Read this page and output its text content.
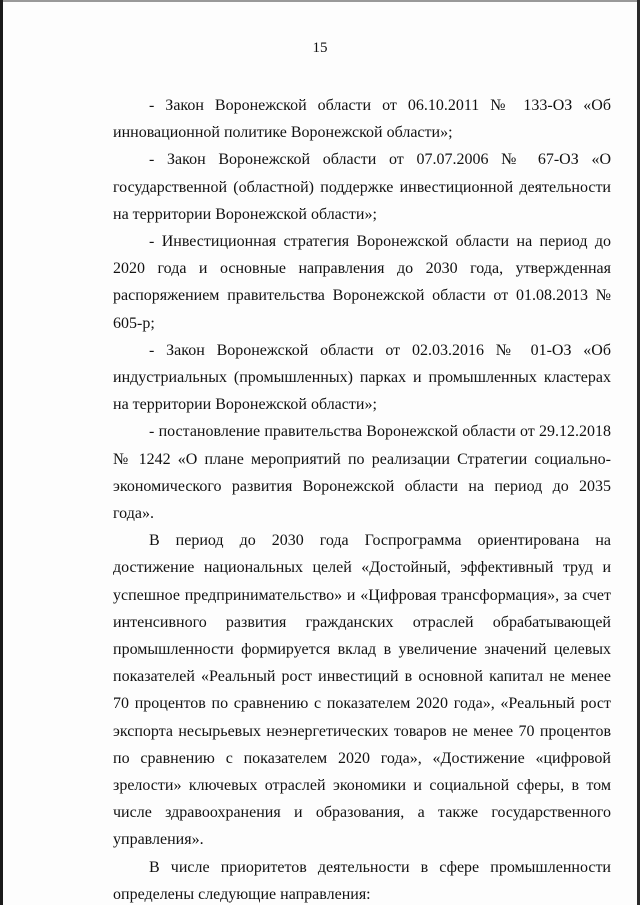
15

- Закон Воронежской области от 06.10.2011 № 133-ОЗ «Об инновационной политике Воронежской области»;

- Закон Воронежской области от 07.07.2006 № 67-ОЗ «О государственной (областной) поддержке инвестиционной деятельности на территории Воронежской области»;

- Инвестиционная стратегия Воронежской области на период до 2020 года и основные направления до 2030 года, утвержденная распоряжением правительства Воронежской области от 01.08.2013 № 605-р;

- Закон Воронежской области от 02.03.2016 № 01-ОЗ «Об индустриальных (промышленных) парках и промышленных кластерах на территории Воронежской области»;

- постановление правительства Воронежской области от 29.12.2018 № 1242 «О плане мероприятий по реализации Стратегии социально-экономического развития Воронежской области на период до 2035 года».

В период до 2030 года Госпрограмма ориентирована на достижение национальных целей «Достойный, эффективный труд и успешное предпринимательство» и «Цифровая трансформация», за счет интенсивного развития гражданских отраслей обрабатывающей промышленности формируется вклад в увеличение значений целевых показателей «Реальный рост инвестиций в основной капитал не менее 70 процентов по сравнению с показателем 2020 года», «Реальный рост экспорта несырьевых неэнергетических товаров не менее 70 процентов по сравнению с показателем 2020 года», «Достижение «цифровой зрелости» ключевых отраслей экономики и социальной сферы, в том числе здравоохранения и образования, а также государственного управления».

В числе приоритетов деятельности в сфере промышленности определены следующие направления:
